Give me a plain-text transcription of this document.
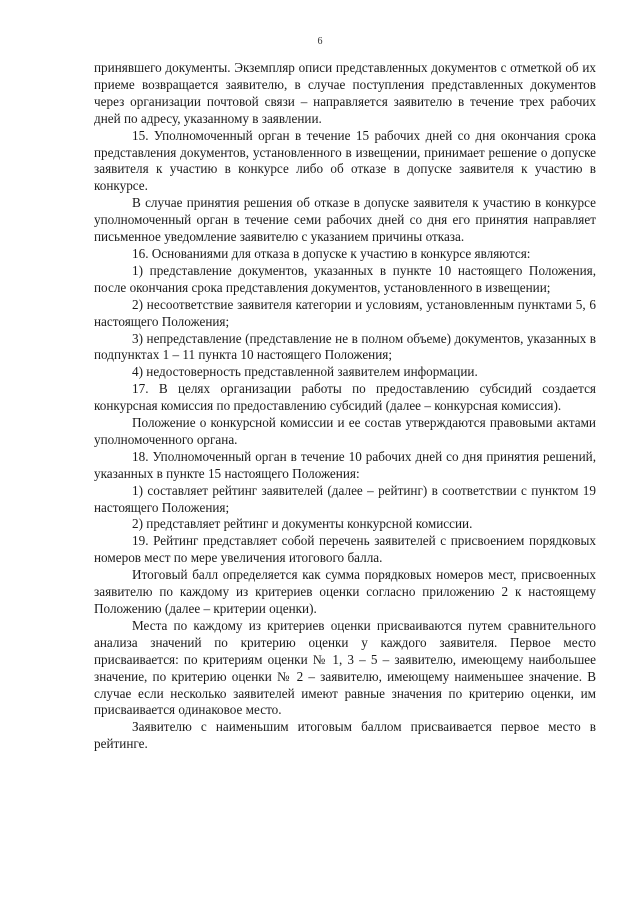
6

принявшего документы. Экземпляр описи представленных документов с отметкой об их приеме возвращается заявителю, в случае поступления представленных документов через организации почтовой связи – направляется заявителю в течение трех рабочих дней по адресу, указанному в заявлении.

15. Уполномоченный орган в течение 15 рабочих дней со дня окончания срока представления документов, установленного в извещении, принимает решение о допуске заявителя к участию в конкурсе либо об отказе в допуске заявителя к участию в конкурсе.

В случае принятия решения об отказе в допуске заявителя к участию в конкурсе уполномоченный орган в течение семи рабочих дней со дня его принятия направляет письменное уведомление заявителю с указанием причины отказа.

16. Основаниями для отказа в допуске к участию в конкурсе являются:

1) представление документов, указанных в пункте 10 настоящего Положения, после окончания срока представления документов, установленного в извещении;

2) несоответствие заявителя категории и условиям, установленным пунктами 5, 6 настоящего Положения;

3) непредставление (представление не в полном объеме) документов, указанных в подпунктах 1 – 11 пункта 10 настоящего Положения;

4) недостоверность представленной заявителем информации.

17. В целях организации работы по предоставлению субсидий создается конкурсная комиссия по предоставлению субсидий (далее – конкурсная комиссия).

Положение о конкурсной комиссии и ее состав утверждаются правовыми актами уполномоченного органа.

18. Уполномоченный орган в течение 10 рабочих дней со дня принятия решений, указанных в пункте 15 настоящего Положения:

1) составляет рейтинг заявителей (далее – рейтинг) в соответствии с пунктом 19 настоящего Положения;

2) представляет рейтинг и документы конкурсной комиссии.

19. Рейтинг представляет собой перечень заявителей с присвоением порядковых номеров мест по мере увеличения итогового балла.

Итоговый балл определяется как сумма порядковых номеров мест, присвоенных заявителю по каждому из критериев оценки согласно приложению 2 к настоящему Положению (далее – критерии оценки).

Места по каждому из критериев оценки присваиваются путем сравнительного анализа значений по критерию оценки у каждого заявителя. Первое место присваивается: по критериям оценки № 1, 3 – 5 – заявителю, имеющему наибольшее значение, по критерию оценки № 2 – заявителю, имеющему наименьшее значение. В случае если несколько заявителей имеют равные значения по критерию оценки, им присваивается одинаковое место.

Заявителю с наименьшим итоговым баллом присваивается первое место в рейтинге.
